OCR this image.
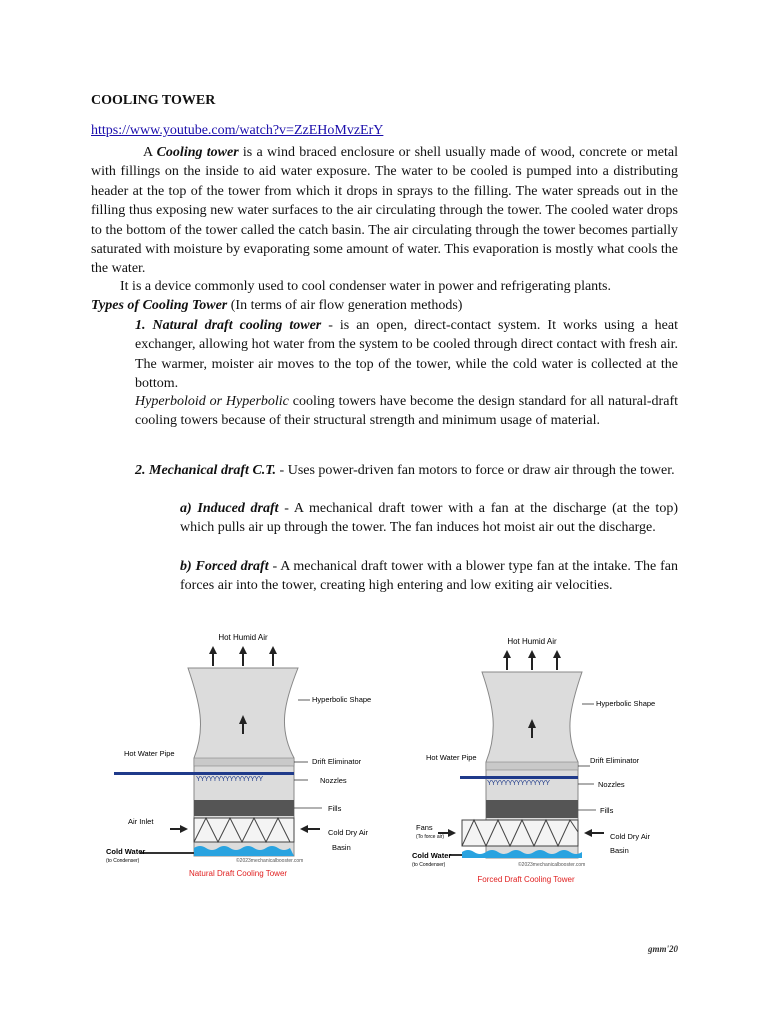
COOLING TOWER
https://www.youtube.com/watch?v=ZzEHoMvzErY
A Cooling tower is a wind braced enclosure or shell usually made of wood, concrete or metal with fillings on the inside to aid water exposure. The water to be cooled is pumped into a distributing header at the top of the tower from which it drops in sprays to the filling. The water spreads out in the filling thus exposing new water surfaces to the air circulating through the tower. The cooled water drops to the bottom of the tower called the catch basin. The air circulating through the tower becomes partially saturated with moisture by evaporating some amount of water. This evaporation is mostly what cools the the water.
It is a device commonly used to cool condenser water in power and refrigerating plants.
Types of Cooling Tower (In terms of air flow generation methods)
1. Natural draft cooling tower - is an open, direct-contact system. It works using a heat exchanger, allowing hot water from the system to be cooled through direct contact with fresh air. The warmer, moister air moves to the top of the tower, while the cold water is collected at the bottom.
Hyperboloid or Hyperbolic cooling towers have become the design standard for all natural-draft cooling towers because of their structural strength and minimum usage of material.
2. Mechanical draft C.T. - Uses power-driven fan motors to force or draw air through the tower.
a) Induced draft - A mechanical draft tower with a fan at the discharge (at the top) which pulls air up through the tower. The fan induces hot moist air out the discharge.
b) Forced draft - A mechanical draft tower with a blower type fan at the intake. The fan forces air into the tower, creating high entering and low exiting air velocities.
Hot Humid Air
YYYYYYYYYYYYYYYY
Hyperbolic Shape
Hot Water Pipe
Drift Eliminator
Nozzles
Fills
Air Inlet
Cold Dry Air
Cold Water
(to Condenser)
Basin
©2023mechanicalbooster.com
Natural Draft Cooling Tower
Hot Humid Air
YYYYYYYYYYYYYYY
Hyperbolic Shape
Hot Water Pipe	Drift Eliminator
Nozzles
Fills
Fans
(To force air)	Cold Dry Air
Cold Water
(to Condenser)
Basin
©2023mechanicalbooster.com
Forced Draft Cooling Tower
gmm'20
